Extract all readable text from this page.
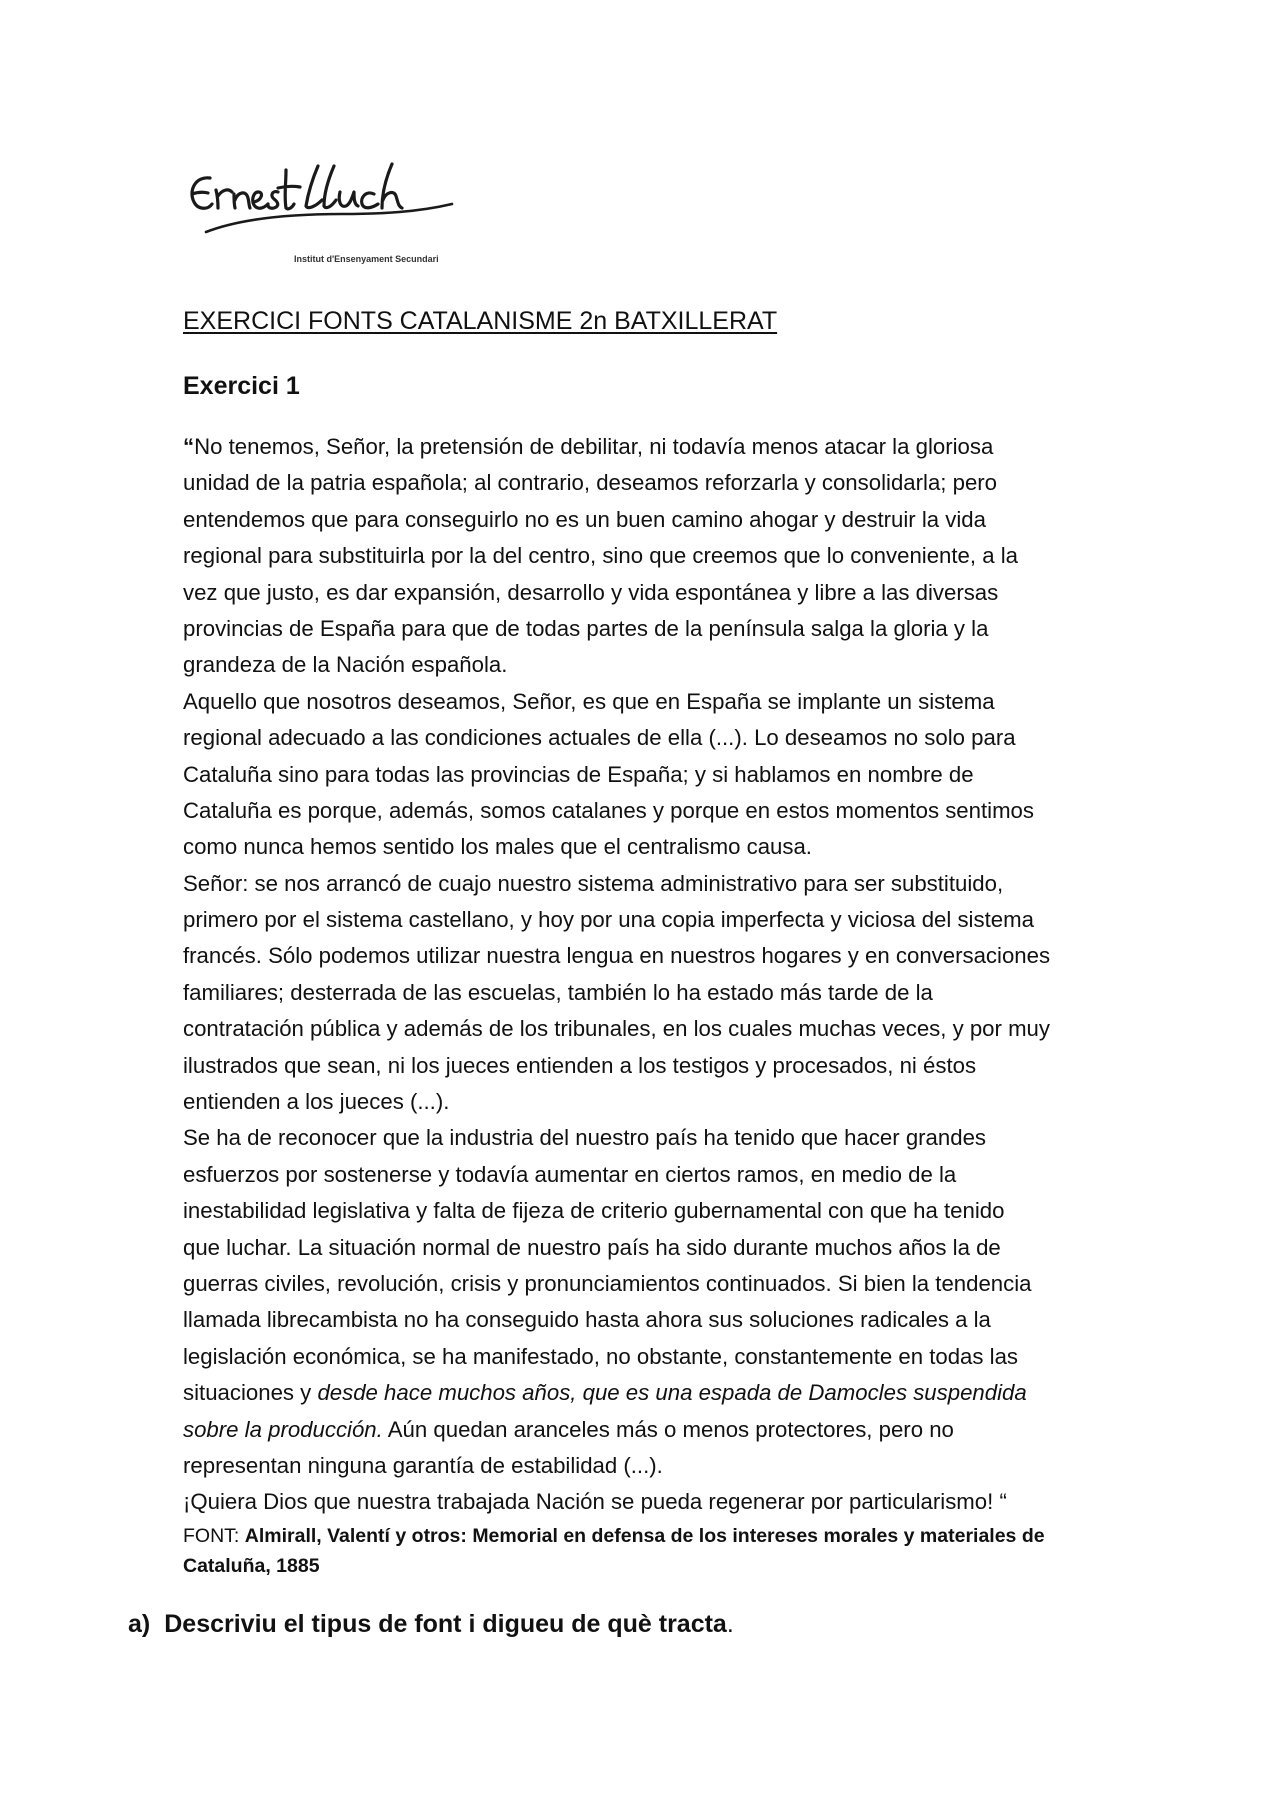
Institut d'Ensenyament Secundari
EXERCICI FONTS CATALANISME 2n BATXILLERAT
Exercici 1
“No tenemos, Señor, la pretensión de debilitar, ni todavía menos atacar la gloriosa
unidad de la patria española; al contrario, deseamos reforzarla y consolidarla; pero
entendemos que para conseguirlo no es un buen camino ahogar y destruir la vida
regional para substituirla por la del centro, sino que creemos que lo conveniente, a la
vez que justo, es dar expansión, desarrollo y vida espontánea y libre a las diversas
provincias de España para que de todas partes de la península salga la gloria y la
grandeza de la Nación española.
Aquello que nosotros deseamos, Señor, es que en España se implante un sistema
regional adecuado a las condiciones actuales de ella (...). Lo deseamos no solo para
Cataluña sino para todas las provincias de España; y si hablamos en nombre de
Cataluña es porque, además, somos catalanes y porque en estos momentos sentimos
como nunca hemos sentido los males que el centralismo causa.
Señor: se nos arrancó de cuajo nuestro sistema administrativo para ser substituido,
primero por el sistema castellano, y hoy por una copia imperfecta y viciosa del sistema
francés. Sólo podemos utilizar nuestra lengua en nuestros hogares y en conversaciones
familiares; desterrada de las escuelas, también lo ha estado más tarde de la
contratación pública y además de los tribunales, en los cuales muchas veces, y por muy
ilustrados que sean, ni los jueces entienden a los testigos y procesados, ni éstos
entienden a los jueces (...).
Se ha de reconocer que la industria del nuestro país ha tenido que hacer grandes
esfuerzos por sostenerse y todavía aumentar en ciertos ramos, en medio de la
inestabilidad legislativa y falta de fijeza de criterio gubernamental con que ha tenido
que luchar. La situación normal de nuestro país ha sido durante muchos años la de
guerras civiles, revolución, crisis y pronunciamientos continuados. Si bien la tendencia
llamada librecambista no ha conseguido hasta ahora sus soluciones radicales a la
legislación económica, se ha manifestado, no obstante, constantemente en todas las
situaciones y desde hace muchos años, que es una espada de Damocles suspendida
sobre la producción. Aún quedan aranceles más o menos protectores, pero no
representan ninguna garantía de estabilidad (...).
¡Quiera Dios que nuestra trabajada Nación se pueda regenerar por particularismo! “
FONT: Almirall, Valentí y otros: Memorial en defensa de los intereses morales y materiales de
Cataluña, 1885
a) Descriviu el tipus de font i digueu de què tracta.
